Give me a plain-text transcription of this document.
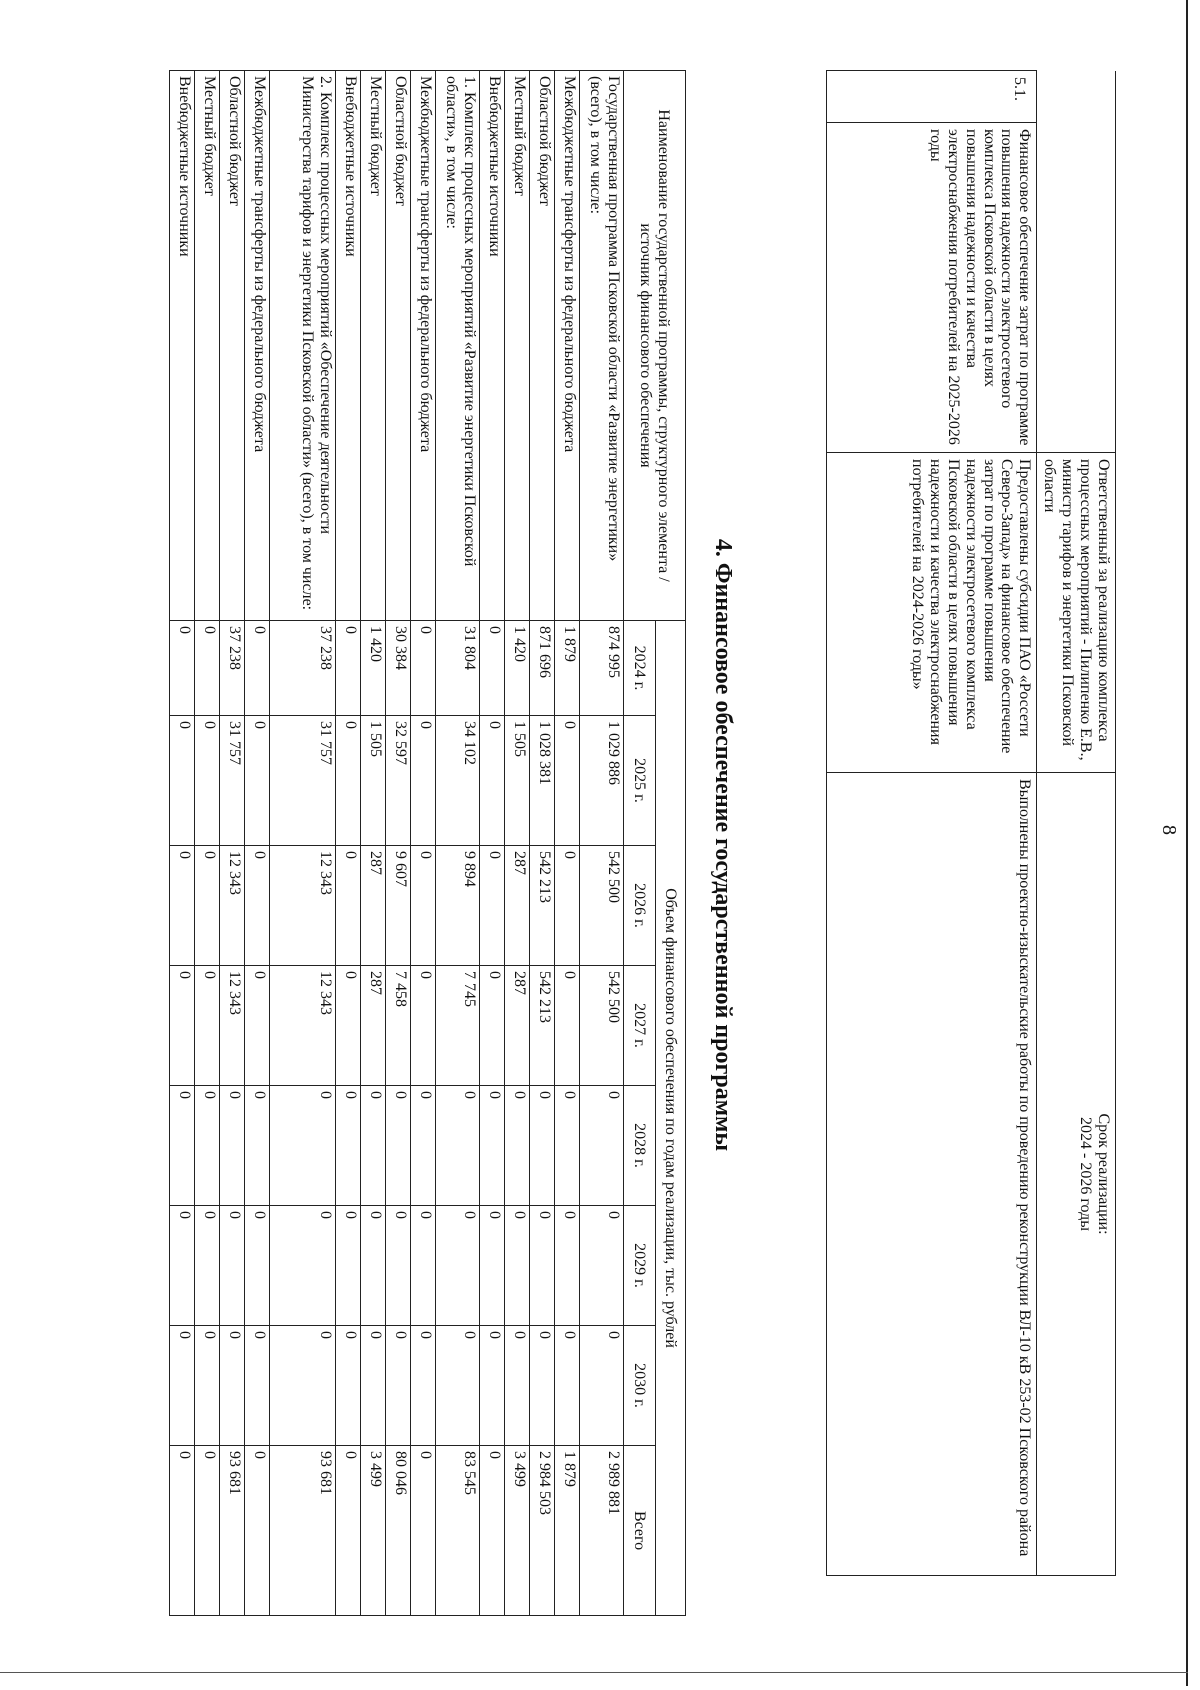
8
		Ответственный за реализацию комплекса процессных мероприятий - Пилипенко Е.В., министр тарифов и энергетики Псковской области	Срок реализации:
2024 - 2026 годы
5.1.	Финансовое обеспечение затрат по программе повышения надежности электросетевого комплекса Псковской области в целях повышения надежности и качества электроснабжения потребителей на 2025-2026 годы	Предоставлены субсидии ПАО «Россети Северо-Запад» на финансовое обеспечение затрат по программе повышения надежности электросетевого комплекса Псковской области в целях повышения надежности и качества электроснабжения потребителей на 2024-2026 годы»	Выполнены проектно-изыскательские работы по проведению реконструкции ВЛ-10 кВ 253-02 Псковского района
4. Финансовое обеспечение государственной программы
Наименование государственной программы, структурного элемента /
источник финансового обеспечения	Объем финансового обеспечения по годам реализации, тыс. рублей							
	2024 г.	2025 г.	2026 г.	2027 г.	2028 г.	2029 г.	2030 г.	Всего
Государственная программа Псковской области «Развитие энергетики» (всего), в том числе:	874 995	1 029 886	542 500	542 500	0	0	0	2 989 881
Межбюджетные трансферты из федерального бюджета	1 879	0	0	0	0	0	0	1 879
Областной бюджет	871 696	1 028 381	542 213	542 213	0	0	0	2 984 503
Местный бюджет	1 420	1 505	287	287	0	0	0	3 499
Внебюджетные источники	0	0	0	0	0	0	0	0
1. Комплекс процессных мероприятий «Развитие энергетики Псковской области», в том числе:	31 804	34 102	9 894	7 745	0	0	0	83 545
Межбюджетные трансферты из федерального бюджета	0	0	0	0	0	0	0	0
Областной бюджет	30 384	32 597	9 607	7 458	0	0	0	80 046
Местный бюджет	1 420	1 505	287	287	0	0	0	3 499
Внебюджетные источники	0	0	0	0	0	0	0	0
2. Комплекс процессных мероприятий «Обеспечение деятельности Министерства тарифов и энергетики Псковской области» (всего), в том числе:	37 238	31 757	12 343	12 343	0	0	0	93 681
Межбюджетные трансферты из федерального бюджета	0	0	0	0	0	0	0	0
Областной бюджет	37 238	31 757	12 343	12 343	0	0	0	93 681
Местный бюджет	0	0	0	0	0	0	0	0
Внебюджетные источники	0	0	0	0	0	0	0	0
